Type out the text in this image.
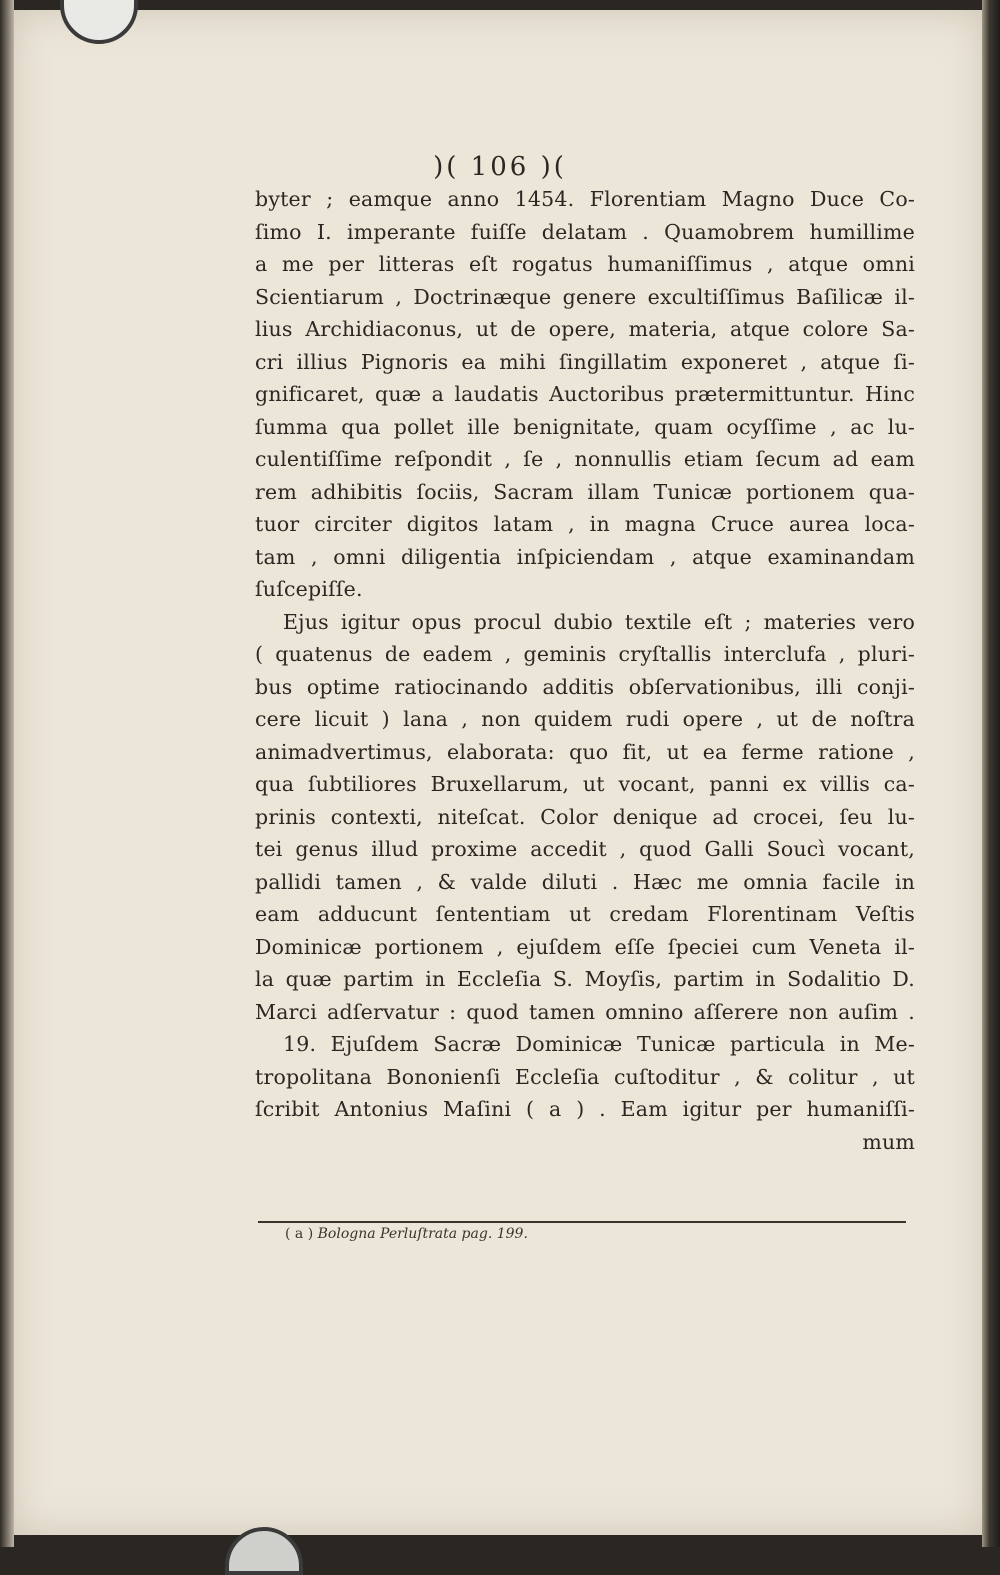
)( 106 )(
byter ; eamque anno 1454. Florentiam Magno Duce Co-
ſimo I. imperante fuiſſe delatam . Quamobrem humillime
a me per litteras eſt rogatus humaniſſimus , atque omni
Scientiarum , Doctrinæque genere excultiſſimus Baſilicæ il-
lius Archidiaconus, ut de opere, materia, atque colore Sa-
cri illius Pignoris ea mihi ſingillatim exponeret , atque ſi-
gnificaret, quæ a laudatis Auctoribus prætermittuntur. Hinc
ſumma qua pollet ille benignitate, quam ocyſſime , ac lu-
culentiſſime reſpondit , ſe , nonnullis etiam ſecum ad eam
rem adhibitis ſociis, Sacram illam Tunicæ portionem qua-
tuor circiter digitos latam , in magna Cruce aurea loca-
tam , omni diligentia inſpiciendam , atque examinandam
ſuſcepiſſe.
Ejus igitur opus procul dubio textile eſt ; materies vero
( quatenus de eadem , geminis cryſtallis interclufa , pluri-
bus optime ratiocinando additis obſervationibus, illi conji-
cere licuit ) lana , non quidem rudi opere , ut de noſtra
animadvertimus, elaborata: quo fit, ut ea ferme ratione ,
qua ſubtiliores Bruxellarum, ut vocant, panni ex villis ca-
prinis contexti, niteſcat. Color denique ad crocei, ſeu lu-
tei genus illud proxime accedit , quod Galli Soucì vocant,
pallidi tamen , & valde diluti . Hæc me omnia facile in
eam adducunt ſententiam ut credam Florentinam Veſtis
Dominicæ portionem , ejuſdem eſſe ſpeciei cum Veneta il-
la quæ partim in Eccleſia S. Moyſis, partim in Sodalitio D.
Marci adſervatur : quod tamen omnino aſſerere non auſim .
19. Ejuſdem Sacræ Dominicæ Tunicæ particula in Me-
tropolitana Bononienſi Eccleſia cuſtoditur , & colitur , ut
ſcribit Antonius Maſini ( a ) . Eam igitur per humaniſſi-
mum
( a ) Bologna Perluſtrata pag. 199.
